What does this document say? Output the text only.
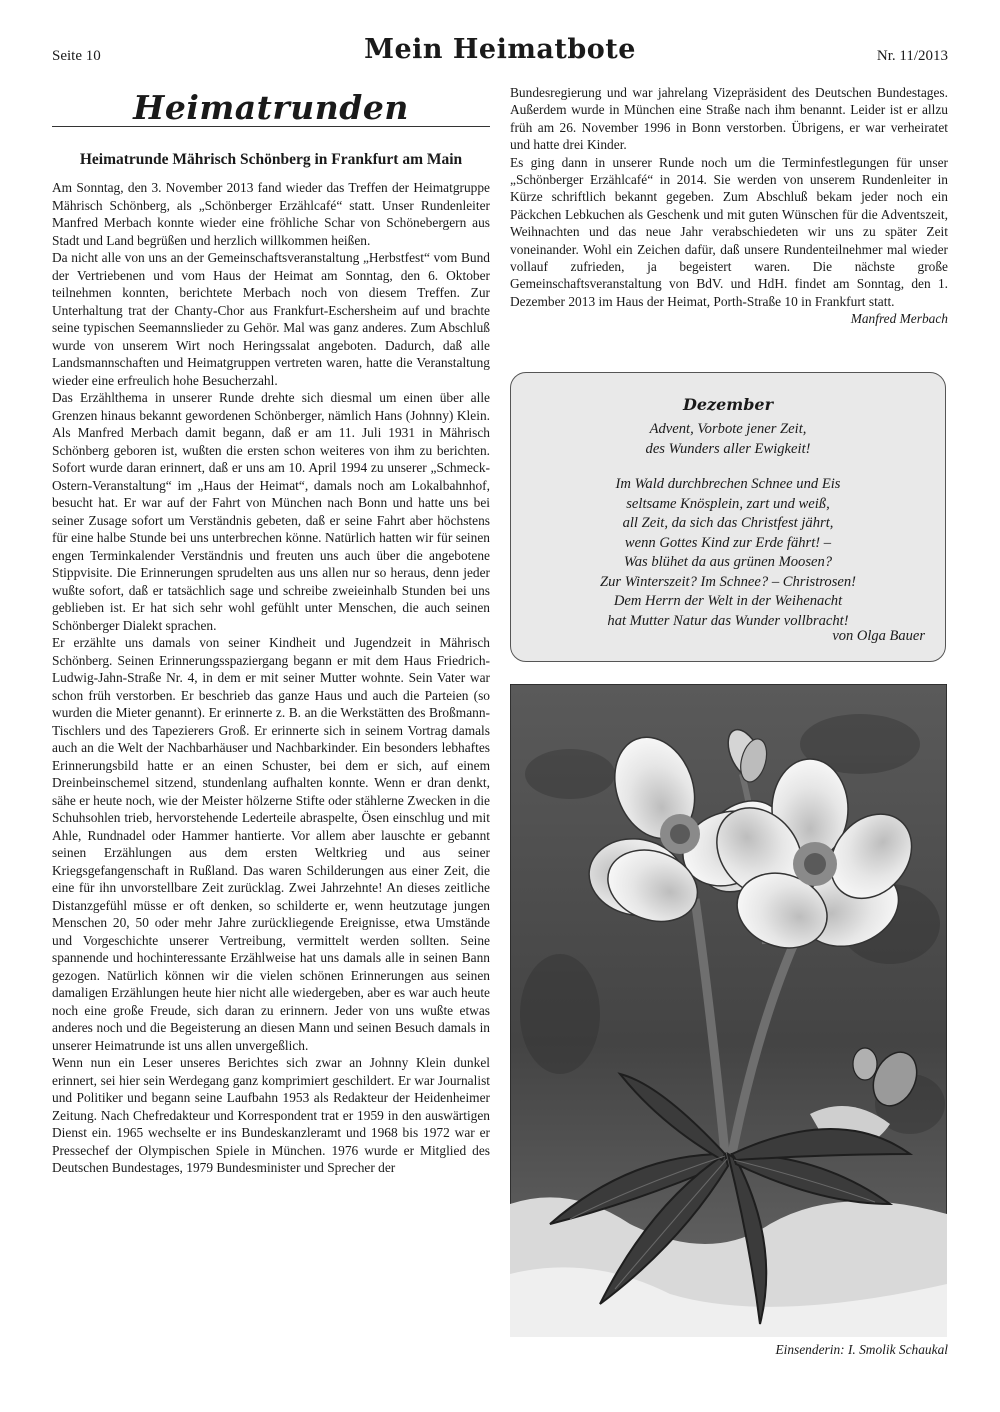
Seite 10	Mein Heimatbote	Nr. 11/2013
Heimatrunden
Heimatrunde Mährisch Schönberg in Frankfurt am Main

Am Sonntag, den 3. November 2013 fand wieder das Treffen der Heimatgruppe Mährisch Schönberg, als „Schönberger Erzählcafé“ statt. Unser Rundenleiter Manfred Merbach konnte wieder eine fröhliche Schar von Schönebergern aus Stadt und Land begrüßen und herzlich willkommen heißen.

Da nicht alle von uns an der Gemeinschaftsveranstaltung „Herbstfest“ vom Bund der Vertriebenen und vom Haus der Heimat am Sonntag, den 6. Oktober teilnehmen konnten, berichtete Merbach noch von diesem Treffen. Zur Unterhaltung trat der Chanty-Chor aus Frankfurt-Eschersheim auf und brachte seine typischen Seemannslieder zu Gehör. Mal was ganz anderes. Zum Abschluß wurde von unserem Wirt noch Heringssalat angeboten. Dadurch, daß alle Landsmannschaften und Heimatgruppen vertreten waren, hatte die Veranstaltung wieder eine erfreulich hohe Besucherzahl.

Das Erzählthema in unserer Runde drehte sich diesmal um einen über alle Grenzen hinaus bekannt gewordenen Schönberger, nämlich Hans (Johnny) Klein. Als Manfred Merbach damit begann, daß er am 11. Juli 1931 in Mährisch Schönberg geboren ist, wußten die ersten schon weiteres von ihm zu berichten. Sofort wurde daran erinnert, daß er uns am 10. April 1994 zu unserer „Schmeck-Ostern-Veranstaltung“ im „Haus der Heimat“, damals noch am Lokalbahnhof, besucht hat. Er war auf der Fahrt von München nach Bonn und hatte uns bei seiner Zusage sofort um Verständnis gebeten, daß er seine Fahrt aber höchstens für eine halbe Stunde bei uns unterbrechen könne. Natürlich hatten wir für seinen engen Terminkalender Verständnis und freuten uns auch über die angebotene Stippvisite. Die Erinnerungen sprudelten aus uns allen nur so heraus, denn jeder wußte sofort, daß er tatsächlich sage und schreibe zweieinhalb Stunden bei uns geblieben ist. Er hat sich sehr wohl gefühlt unter Menschen, die auch seinen Schönberger Dialekt sprachen.

Er erzählte uns damals von seiner Kindheit und Jugendzeit in Mährisch Schönberg. Seinen Erinnerungsspaziergang begann er mit dem Haus Friedrich-Ludwig-Jahn-Straße Nr. 4, in dem er mit seiner Mutter wohnte. Sein Vater war schon früh verstorben. Er beschrieb das ganze Haus und auch die Parteien (so wurden die Mieter genannt). Er erinnerte z. B. an die Werkstätten des Broßmann-Tischlers und des Tapezierers Groß. Er erinnerte sich in seinem Vortrag damals auch an die Welt der Nachbarhäuser und Nachbarkinder. Ein besonders lebhaftes Erinnerungsbild hatte er an einen Schuster, bei dem er sich, auf einem Dreinbeinschemel sitzend, stundenlang aufhalten konnte. Wenn er dran denkt, sähe er heute noch, wie der Meister hölzerne Stifte oder stählerne Zwecken in die Schuhsohlen trieb, hervorstehende Lederteile abraspelte, Ösen einschlug und mit Ahle, Rundnadel oder Hammer hantierte. Vor allem aber lauschte er gebannt seinen Erzählungen aus dem ersten Weltkrieg und aus seiner Kriegsgefangenschaft in Rußland. Das waren Schilderungen aus einer Zeit, die eine für ihn unvorstellbare Zeit zurücklag. Zwei Jahrzehnte! An dieses zeitliche Distanzgefühl müsse er oft denken, so schilderte er, wenn heutzutage jungen Menschen 20, 50 oder mehr Jahre zurückliegende Ereignisse, etwa Umstände und Vorgeschichte unserer Vertreibung, vermittelt werden sollten. Seine spannende und hochinteressante Erzählweise hat uns damals alle in seinen Bann gezogen. Natürlich können wir die vielen schönen Erinnerungen aus seinen damaligen Erzählungen heute hier nicht alle wiedergeben, aber es war auch heute noch eine große Freude, sich daran zu erinnern. Jeder von uns wußte etwas anderes noch und die Begeisterung an diesen Mann und seinen Besuch damals in unserer Heimatrunde ist uns allen unvergeßlich.

Wenn nun ein Leser unseres Berichtes sich zwar an Johnny Klein dunkel erinnert, sei hier sein Werdegang ganz komprimiert geschildert. Er war Journalist und Politiker und begann seine Laufbahn 1953 als Redakteur der Heidenheimer Zeitung. Nach Chefredakteur und Korrespondent trat er 1959 in den auswärtigen Dienst ein. 1965 wechselte er ins Bundeskanzleramt und 1968 bis 1972 war er Pressechef der Olympischen Spiele in München. 1976 wurde er Mitglied des Deutschen Bundestages, 1979 Bundesminister und Sprecher der

Bundesregierung und war jahrelang Vizepräsident des Deutschen Bundestages. Außerdem wurde in München eine Straße nach ihm benannt. Leider ist er allzu früh am 26. November 1996 in Bonn verstorben. Übrigens, er war verheiratet und hatte drei Kinder.

Es ging dann in unserer Runde noch um die Terminfestlegungen für unser „Schönberger Erzählcafé“ in 2014. Sie werden von unserem Rundenleiter in Kürze schriftlich bekannt gegeben. Zum Abschluß bekam jeder noch ein Päckchen Lebkuchen als Geschenk und mit guten Wünschen für die Adventszeit, Weihnachten und das neue Jahr verabschiedeten wir uns zu später Zeit voneinander. Wohl ein Zeichen dafür, daß unsere Rundenteilnehmer mal wieder vollauf zufrieden, ja begeistert waren. Die nächste große Gemeinschaftsveranstaltung von BdV. und HdH. findet am Sonntag, den 1. Dezember 2013 im Haus der Heimat, Porth-Straße 10 in Frankfurt statt.

Manfred Merbach
Dezember
Advent, Vorbote jener Zeit,
des Wunders aller Ewigkeit!
Im Wald durchbrechen Schnee und Eis
seltsame Knösplein, zart und weiß,
all Zeit, da sich das Christfest jährt,
wenn Gottes Kind zur Erde fährt! –
Was blühet da aus grünen Moosen?
Zur Winterszeit? Im Schnee? – Christrosen!
Dem Herrn der Welt in der Weihenacht
hat Mutter Natur das Wunder vollbracht!
von Olga Bauer
Einsenderin: I. Smolik Schaukal
